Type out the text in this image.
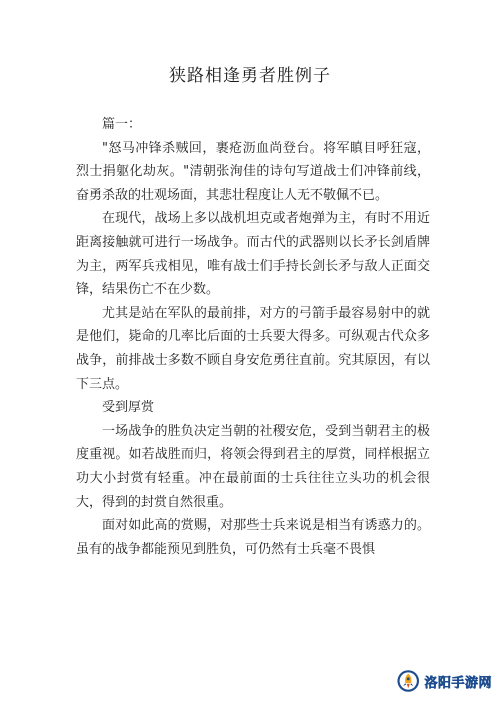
狭路相逢勇者胜例子

篇一：

"怒马冲锋杀贼回，裹疮沥血尚登台。将军瞋目呼狂寇，烈士捐躯化劫灰。"清朝张洵佳的诗句写道战士们冲锋前线，奋勇杀敌的壮观场面，其悲壮程度让人无不敬佩不已。

在现代，战场上多以战机坦克或者炮弹为主，有时不用近距离接触就可进行一场战争。而古代的武器则以长矛长剑盾牌为主，两军兵戎相见，唯有战士们手持长剑长矛与敌人正面交锋，结果伤亡不在少数。

尤其是站在军队的最前排，对方的弓箭手最容易射中的就是他们，毙命的几率比后面的士兵要大得多。可纵观古代众多战争，前排战士多数不顾自身安危勇往直前。究其原因，有以下三点。

受到厚赏

一场战争的胜负决定当朝的社稷安危，受到当朝君主的极度重视。如若战胜而归，将领会得到君主的厚赏，同样根据立功大小封赏有轻重。冲在最前面的士兵往往立头功的机会很大，得到的封赏自然很重。

面对如此高的赏赐，对那些士兵来说是相当有诱惑力的。虽有的战争都能预见到胜负，可仍然有士兵毫不畏惧

洛阳手游网
